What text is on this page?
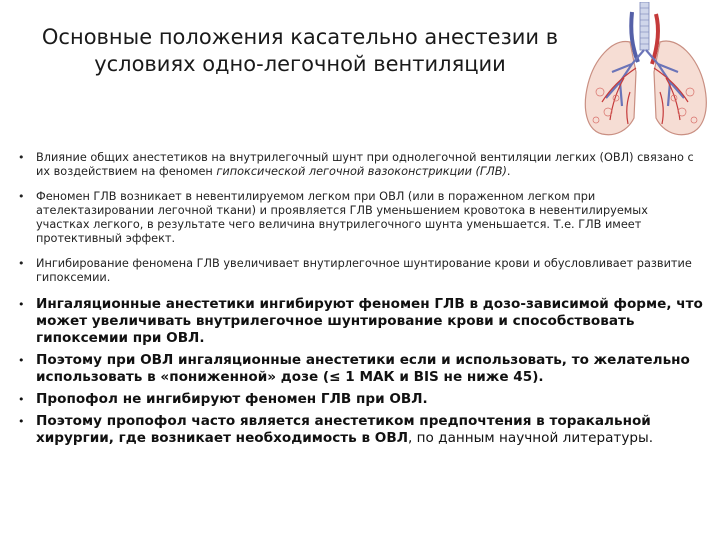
Основные положения касательно анестезии в
условиях одно-легочной вентиляции
• Влияние общих анестетиков на внутрилегочный шунт при однолегочной вентиляции легких (ОВЛ) связано с их воздействием на феномен гипоксической легочной вазоконстрикции (ГЛВ).
• Феномен ГЛВ возникает в невентилируемом легком при ОВЛ (или в пораженном легком при ателектазировании легочной ткани) и проявляется ГЛВ уменьшением кровотока в невентилируемых участках легкого, в результате чего величина внутрилегочного шунта уменьшается. Т.е. ГЛВ имеет протективный эффект.
• Ингибирование феномена ГЛВ увеличивает внутирлегочное шунтирование крови и обусловливает развитие гипоксемии.
• Ингаляционные анестетики ингибируют феномен ГЛВ в дозо-зависимой форме, что может увеличивать внутрилегочное шунтирование крови и способствовать гипоксемии при ОВЛ.
• Поэтому при ОВЛ ингаляционные анестетики если и использовать, то желательно использовать в «пониженной» дозе (≤ 1 МАК и BIS не ниже 45).
• Пропофол не ингибируют феномен ГЛВ при ОВЛ.
• Поэтому пропофол часто является анестетиком предпочтения в торакальной хирургии, где возникает необходимость в ОВЛ, по данным научной литературы.
